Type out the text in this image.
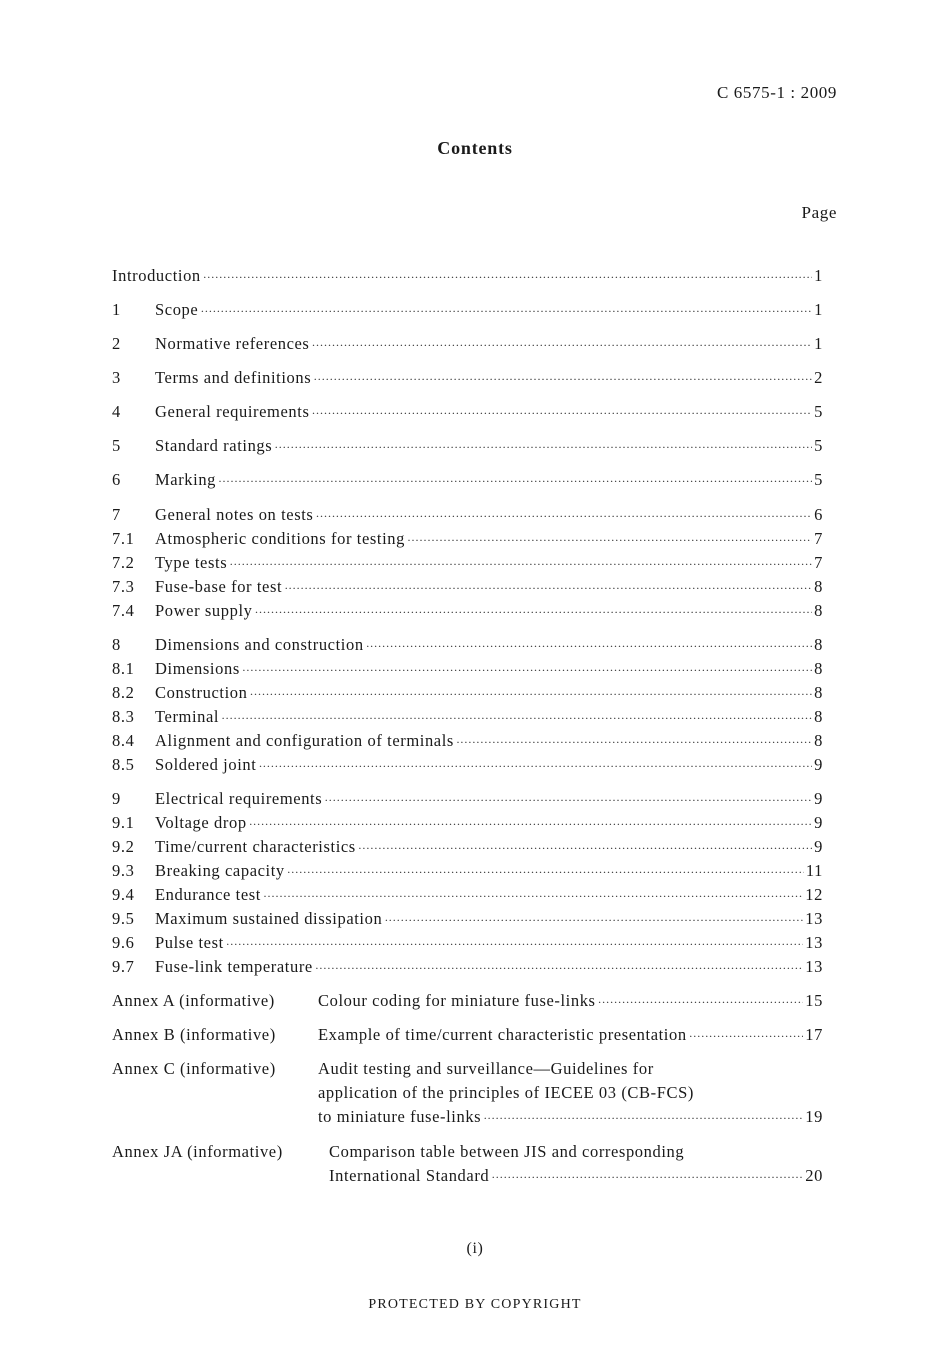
C 6575-1 : 2009
Contents
Page
Introduction ·····	1
1	Scope ·····	1
2	Normative references ·····	1
3	Terms and definitions ·····	2
4	General requirements ·····	5
5	Standard ratings ·····	5
6	Marking ·····	5
7	General notes on tests ·····	6
7.1	Atmospheric conditions for testing ·····	7
7.2	Type tests ·····	7
7.3	Fuse-base for test ·····	8
7.4	Power supply ·····	8
8	Dimensions and construction ·····	8
8.1	Dimensions ·····	8
8.2	Construction ·····	8
8.3	Terminal ·····	8
8.4	Alignment and configuration of terminals ·····	8
8.5	Soldered joint ·····	9
9	Electrical requirements ·····	9
9.1	Voltage drop ·····	9
9.2	Time/current characteristics ·····	9
9.3	Breaking capacity ·····	11
9.4	Endurance test ·····	12
9.5	Maximum sustained dissipation ·····	13
9.6	Pulse test ·····	13
9.7	Fuse-link temperature ·····	13
Annex A (informative)	Colour coding for miniature fuse-links ·····	15
Annex B (informative)	Example of time/current characteristic presentation ·····	17
Annex C (informative)	Audit testing and surveillance—Guidelines for
application of the principles of IECEE 03 (CB-FCS)
to miniature fuse-links ·····	19
Annex JA (informative)	Comparison table between JIS and corresponding
International Standard ·····	20
(i)
PROTECTED BY COPYRIGHT
